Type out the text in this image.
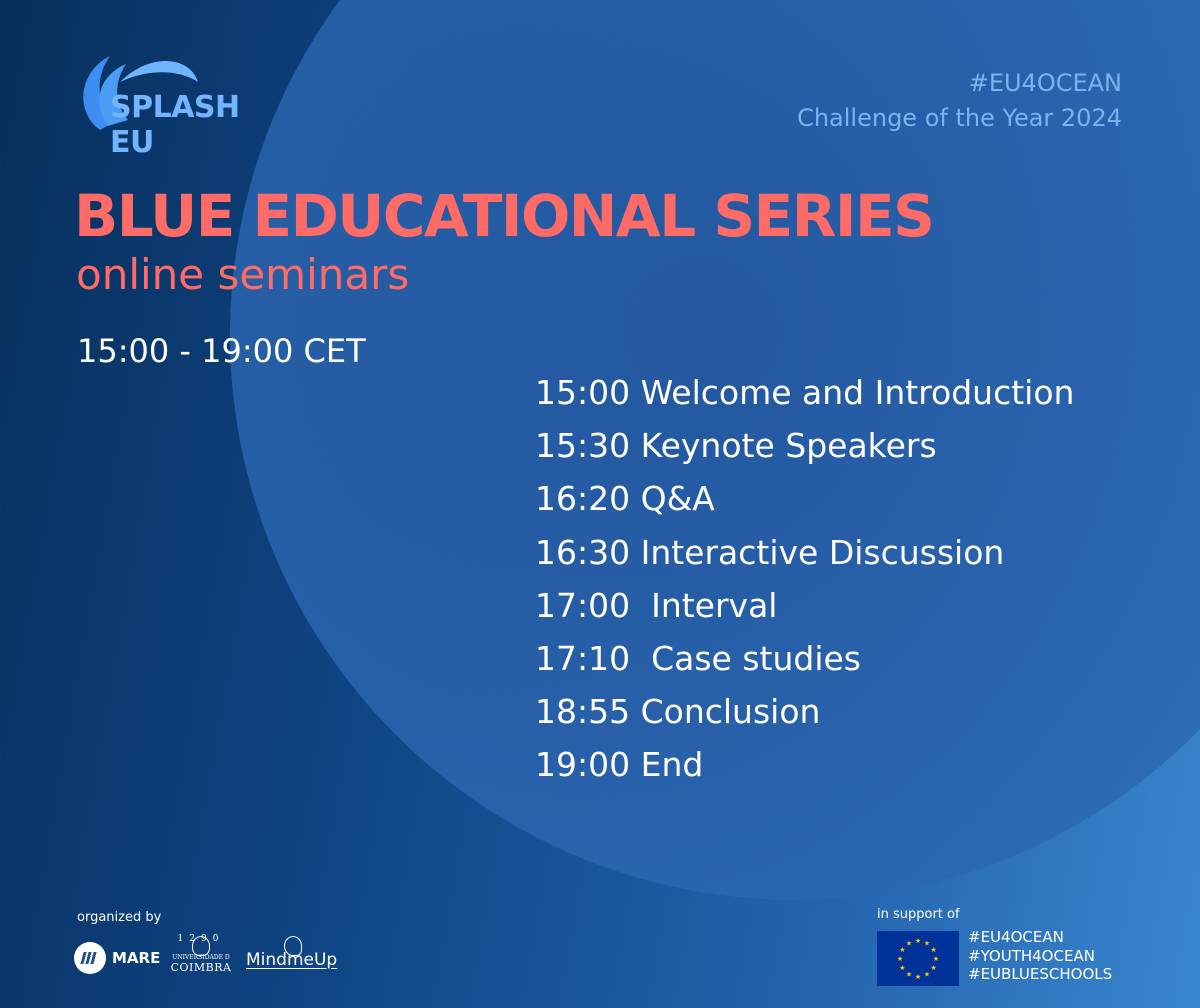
SPLASH EU
#EU4OCEAN
Challenge of the Year 2024
BLUE EDUCATIONAL SERIES
online seminars
15:00 - 19:00 CET
15:00 Welcome and Introduction
15:30 Keynote Speakers
16:20 Q&A
16:30 Interactive Discussion
17:00  Interval
17:10  Case studies
18:55 Conclusion
19:00 End
organized by
MARE
1290
UNIVERSIDADE D
COIMBRA MindmeUp
in support of
★ ★
★
★
★
★
★
★
★
★
★
★	#EU4OCEAN
#YOUTH4OCEAN
#EUBLUESCHOOLS
